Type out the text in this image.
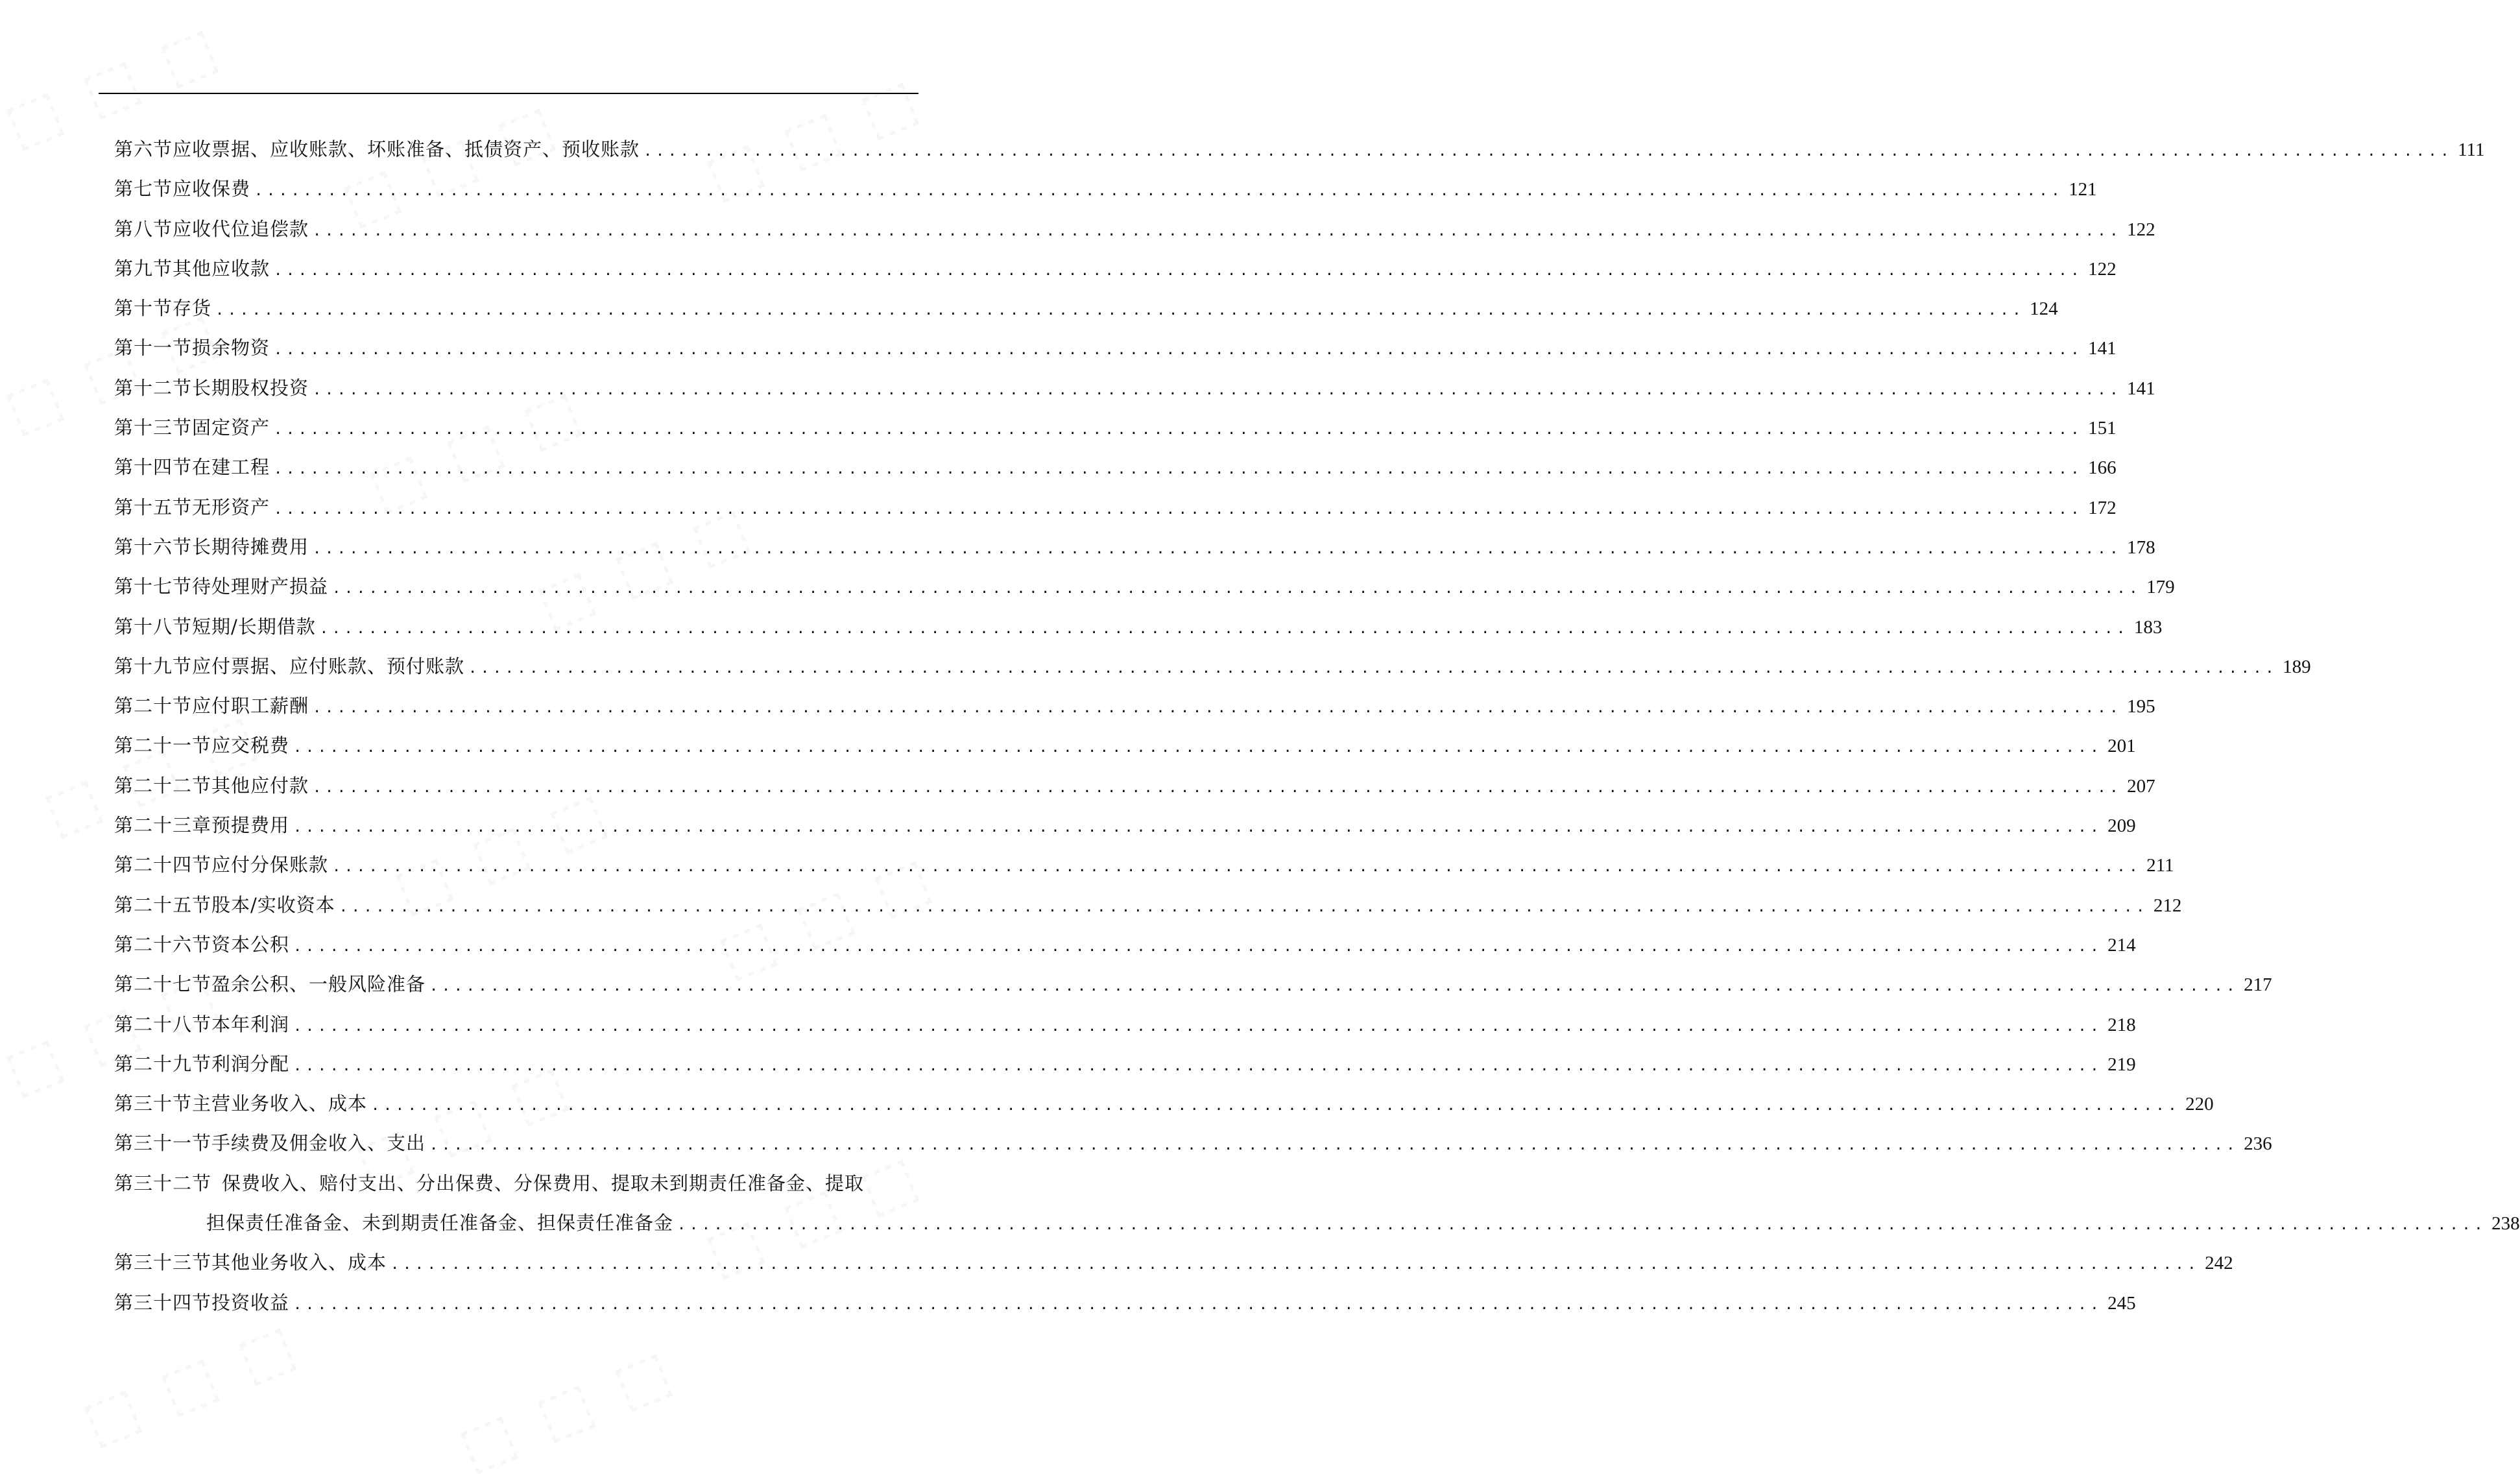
第六节 应收票据、应收账款、坏账准备、抵债资产、预收账款 .................................................................................................................................................... 111
第七节 应收保费 .................................................................................................................................................... 121
第八节 应收代位追偿款 .................................................................................................................................................... 122
第九节 其他应收款 .................................................................................................................................................... 122
第十节 存货 .................................................................................................................................................... 124
第十一节 损余物资 .................................................................................................................................................... 141
第十二节 长期股权投资 .................................................................................................................................................... 141
第十三节 固定资产 .................................................................................................................................................... 151
第十四节 在建工程 .................................................................................................................................................... 166
第十五节 无形资产 .................................................................................................................................................... 172
第十六节 长期待摊费用 .................................................................................................................................................... 178
第十七节 待处理财产损益 .................................................................................................................................................... 179
第十八节 短期/长期借款 .................................................................................................................................................... 183
第十九节 应付票据、应付账款、预付账款 .................................................................................................................................................... 189
第二十节 应付职工薪酬 .................................................................................................................................................... 195
第二十一节 应交税费 .................................................................................................................................................... 201
第二十二节 其他应付款 .................................................................................................................................................... 207
第二十三章 预提费用 .................................................................................................................................................... 209
第二十四节 应付分保账款 .................................................................................................................................................... 211
第二十五节 股本/实收资本 .................................................................................................................................................... 212
第二十六节 资本公积 .................................................................................................................................................... 214
第二十七节 盈余公积、一般风险准备 .................................................................................................................................................... 217
第二十八节 本年利润 .................................................................................................................................................... 218
第二十九节 利润分配 .................................................................................................................................................... 219
第三十节 主营业务收入、成本 .................................................................................................................................................... 220
第三十一节 手续费及佣金收入、支出 .................................................................................................................................................... 236
第三十二节 保费收入、赔付支出、分出保费、分保费用、提取未到期责任准备金、提取
担保责任准备金、未到期责任准备金、担保责任准备金 .................................................................................................................................................... 238
第三十三节 其他业务收入、成本 .................................................................................................................................................... 242
第三十四节 投资收益 .................................................................................................................................................... 245
